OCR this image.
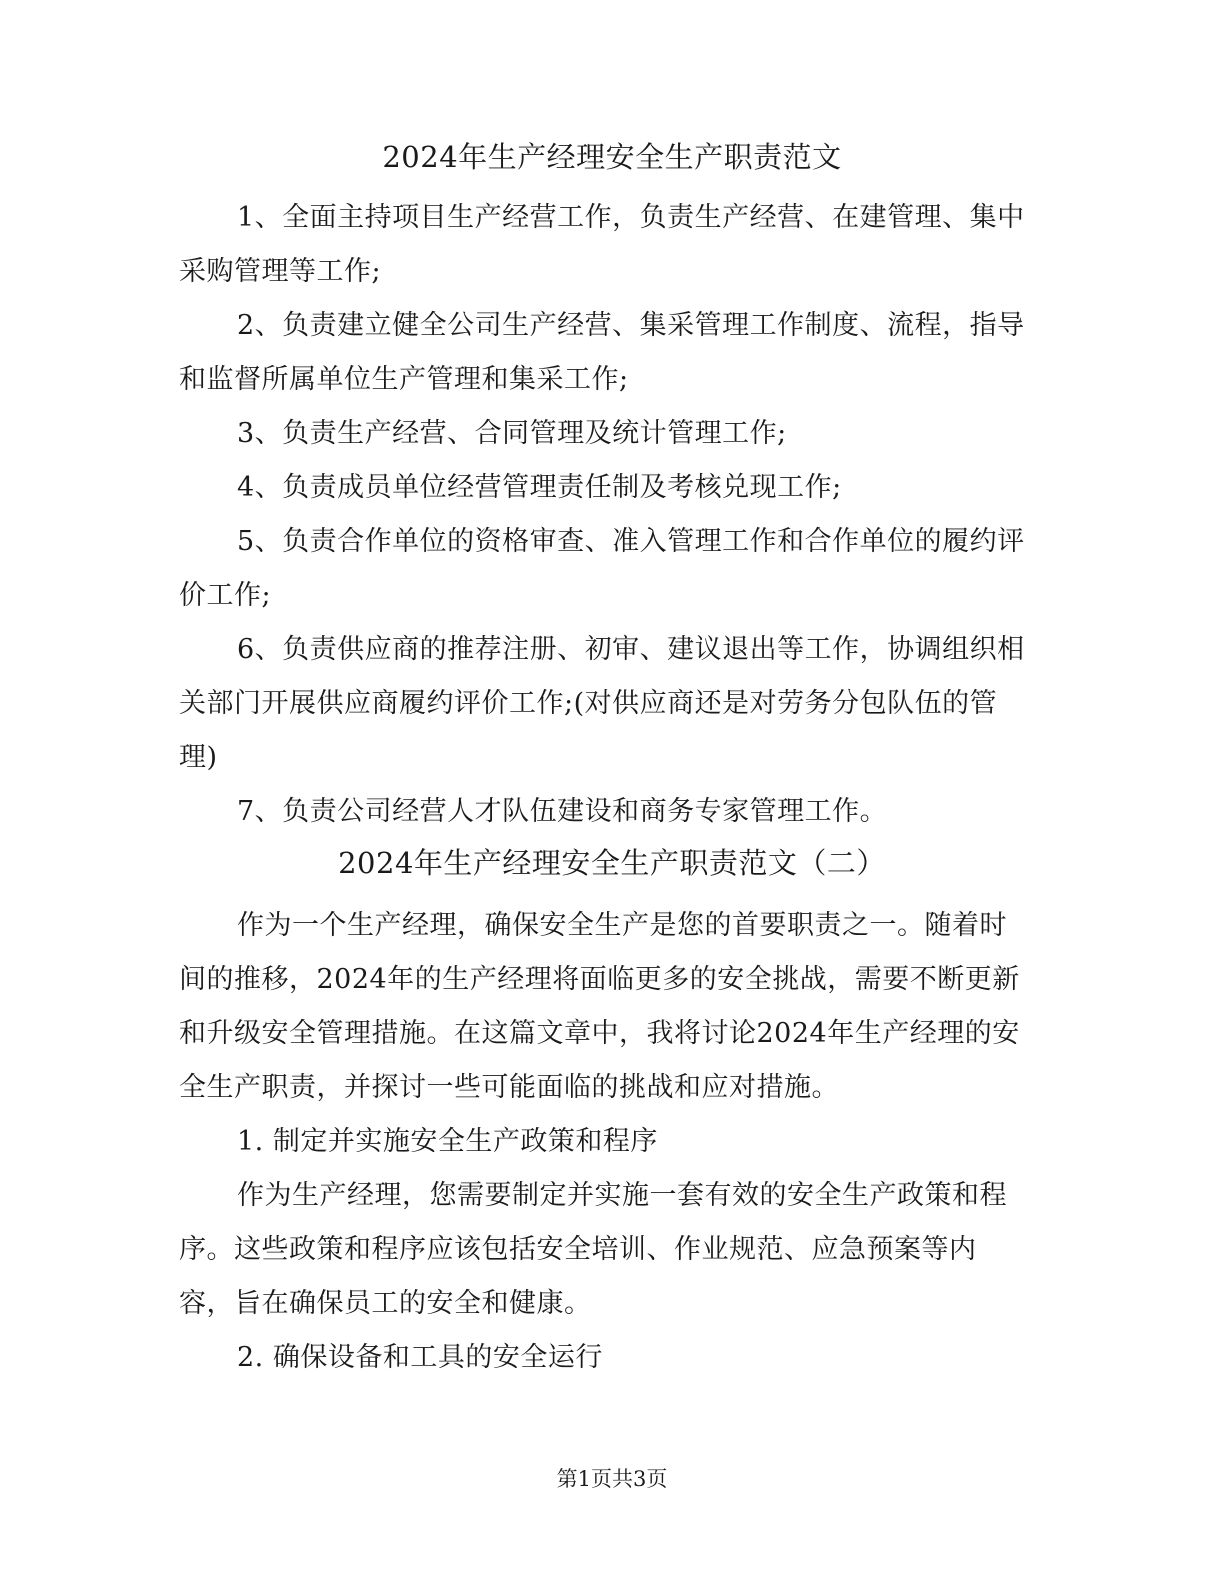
2024年生产经理安全生产职责范文
1、全面主持项目生产经营工作，负责生产经营、在建管理、集中
采购管理等工作;
2、负责建立健全公司生产经营、集采管理工作制度、流程，指导
和监督所属单位生产管理和集采工作;
3、负责生产经营、合同管理及统计管理工作;
4、负责成员单位经营管理责任制及考核兑现工作;
5、负责合作单位的资格审查、准入管理工作和合作单位的履约评
价工作;
6、负责供应商的推荐注册、初审、建议退出等工作，协调组织相
关部门开展供应商履约评价工作;(对供应商还是对劳务分包队伍的管
理)
7、负责公司经营人才队伍建设和商务专家管理工作。
2024年生产经理安全生产职责范文（二）
作为一个生产经理，确保安全生产是您的首要职责之一。随着时
间的推移，2024年的生产经理将面临更多的安全挑战，需要不断更新
和升级安全管理措施。在这篇文章中，我将讨论2024年生产经理的安
全生产职责，并探讨一些可能面临的挑战和应对措施。
1. 制定并实施安全生产政策和程序
作为生产经理，您需要制定并实施一套有效的安全生产政策和程
序。这些政策和程序应该包括安全培训、作业规范、应急预案等内
容，旨在确保员工的安全和健康。
2. 确保设备和工具的安全运行
第1页共3页
